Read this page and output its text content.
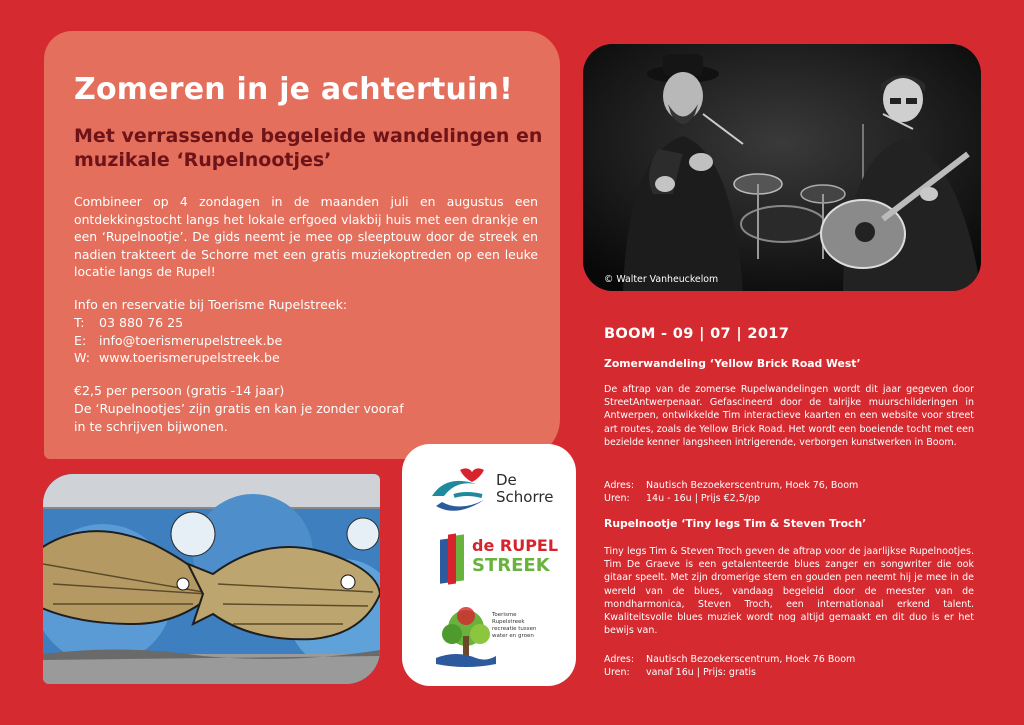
Zomeren in je achtertuin!
Met verrassende begeleide wandelingen en muzikale ‘Rupelnootjes’
Combineer op 4 zondagen in de maanden juli en augustus een ontdekkingstocht langs het lokale erfgoed vlakbij huis met een drankje en een ‘Rupelnootje’. De gids neemt je mee op sleeptouw door de streek en nadien trakteert de Schorre met een gratis muziekoptreden op een leuke locatie langs de Rupel!
Info en reservatie bij Toerisme Rupelstreek:
T:	03 880 76 25
E:	info@toerismerupelstreek.be
W: www.toerismerupelstreek.be
€2,5 per persoon (gratis -14 jaar)
De ‘Rupelnootjes’ zijn gratis en kan je zonder vooraf
in te schrijven bijwonen.
© Walter Vanheuckelom
De
Schorre
de RUPEL
STREEK
Toerisme
Rupelstreek
recreatie tussen
water en groen
BOOM - 09 | 07 | 2017
Zomerwandeling ‘Yellow Brick Road West’
De aftrap van de zomerse Rupelwandelingen wordt dit jaar gegeven door StreetAntwerpenaar. Gefascineerd door de talrijke muurschilderingen in Antwerpen, ontwikkelde Tim interactieve kaarten en een website voor street art routes, zoals de Yellow Brick Road. Het wordt een boeiende tocht met een bezielde kenner langsheen intrigerende, verborgen kunstwerken in Boom.
Adres:	Nautisch Bezoekerscentrum, Hoek 76, Boom
Uren:	14u - 16u | Prijs €2,5/pp
Rupelnootje ‘Tiny legs Tim & Steven Troch’
Tiny legs Tim & Steven Troch geven de aftrap voor de jaarlijkse Rupelnootjes. Tim De Graeve is een getalenteerde blues zanger en songwriter die ook gitaar speelt. Met zijn dromerige stem en gouden pen neemt hij je mee in de wereld van de blues, vandaag begeleid door de meester van de mondharmonica, Steven Troch, een internationaal erkend talent. Kwaliteitsvolle blues muziek wordt nog altijd gemaakt en dit duo is er het bewijs van.
Adres:	Nautisch Bezoekerscentrum, Hoek 76 Boom
Uren:	vanaf 16u | Prijs: gratis
